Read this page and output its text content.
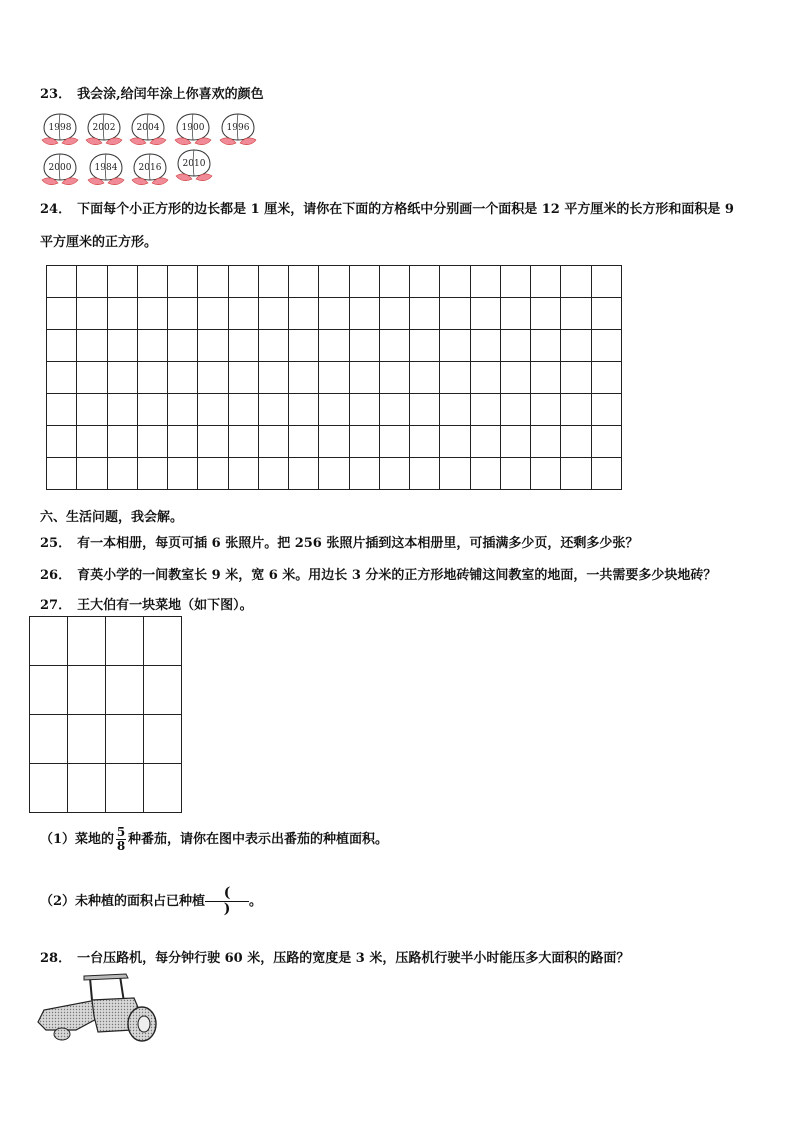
23． 我会涂,给闰年涂上你喜欢的颜色
1998	2002	2004	1900	1996
2000	1984	2016	2010
24． 下面每个小正方形的边长都是 1 厘米，请你在下面的方格纸中分别画一个面积是 12 平方厘米的长方形和面积是 9
平方厘米的正方形。

六、生活问题，我会解。
25． 有一本相册，每页可插 6 张照片。把 256 张照片插到这本相册里，可插满多少页，还剩多少张？
26． 育英小学的一间教室长 9 米，宽 6 米。用边长 3 分米的正方形地砖铺这间教室的地面，一共需要多少块地砖？
27． 王大伯有一块菜地（如下图）。

（1）菜地的 $\frac{5}{8}$ 种番茄，请你在图中表示出番茄的种植面积。
（2）未种植的面积占已种植
(
)	。
28． 一台压路机，每分钟行驶 60 米，压路的宽度是 3 米，压路机行驶半小时能压多大面积的路面？
